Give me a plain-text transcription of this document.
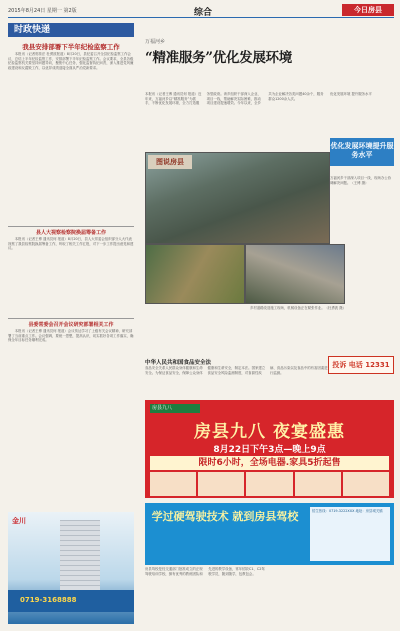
2015年8月24日 星期一 第2版	综合	今日房县
时政快递
我县安排部署下半年纪检监察工作

本报讯（记者郭传法 杜勇波报道）8月20日，县纪委召开全县纪检监察工作会议，总结上半年纪检监察工作，安排部署下半年纪检监察工作。会议要求，全县各级纪检监察机关要坚持问题导向，聚焦中心任务，强化监督执纪问责，深入推进党风廉政建设和反腐败工作，以优异成绩迎接全面从严治党新要求。

县人大视察检察院换届筹备工作

本报讯（记者王博 通讯员何 报道）8月20日，县人大常委会组织部分人大代表视察了我县检察院换届筹备工作，听取了相关工作汇报，对下一步工作提出意见和建议。

县委常委会召开会议研究部署相关工作

本报讯（记者王博 通讯员何 报道）会议传达学习了上级有关会议精神，研究部署了当前重点工作。会议强调，要统一思想，提高认识，切实抓好各项工作落实，确保全年目标任务顺利完成。

金川
0719-3168888
万福河乡
“精准服务”优化发展环境
本报讯（记者王博 通讯员何 报道）近年来，万福河乡以“精准服务”为抓手，不断优化发展环境，全力打造服务型政府。该乡组织干部深入企业、项目一线，帮助解决实际困难，推动项目建设提速增效。今年以来，全乡共为企业解决各类问题40余个，服务群众1200余人次。
优化发展环境 提升服务水平
优化发展环境提升服务水平
图说房县
万福河乡干部深入项目一线，现场办公协调解决问题。（王博 摄）
乡村道路改造施工现场，机械设备正在紧张作业。（杜勇波 摄）
中华人民共和国食品安全法
食品安全关系人民群众身体健康和生命安全。为保证食品安全，保障公众身体健康和生命安全，制定本法。国家建立食品安全风险监测制度，对食源性疾病、食品污染以及食品中的有害因素进行监测。
投诉 电话 12331
房县九八
房县九八 夜宴盛惠
8月22日下午3点—晚上9点
限时6小时，全场电器.家具5折起售
学过硬驾驶技术 就到房县驾校	招生热线：0719-3222XXX 地址：房县城关镇
房县驾校是经交通部门批准成立的正规驾驶培训学校，拥有优秀的教练团队和先进的教学设备，常年招收C1、C2驾驶学员，随到随学，包教包会。
